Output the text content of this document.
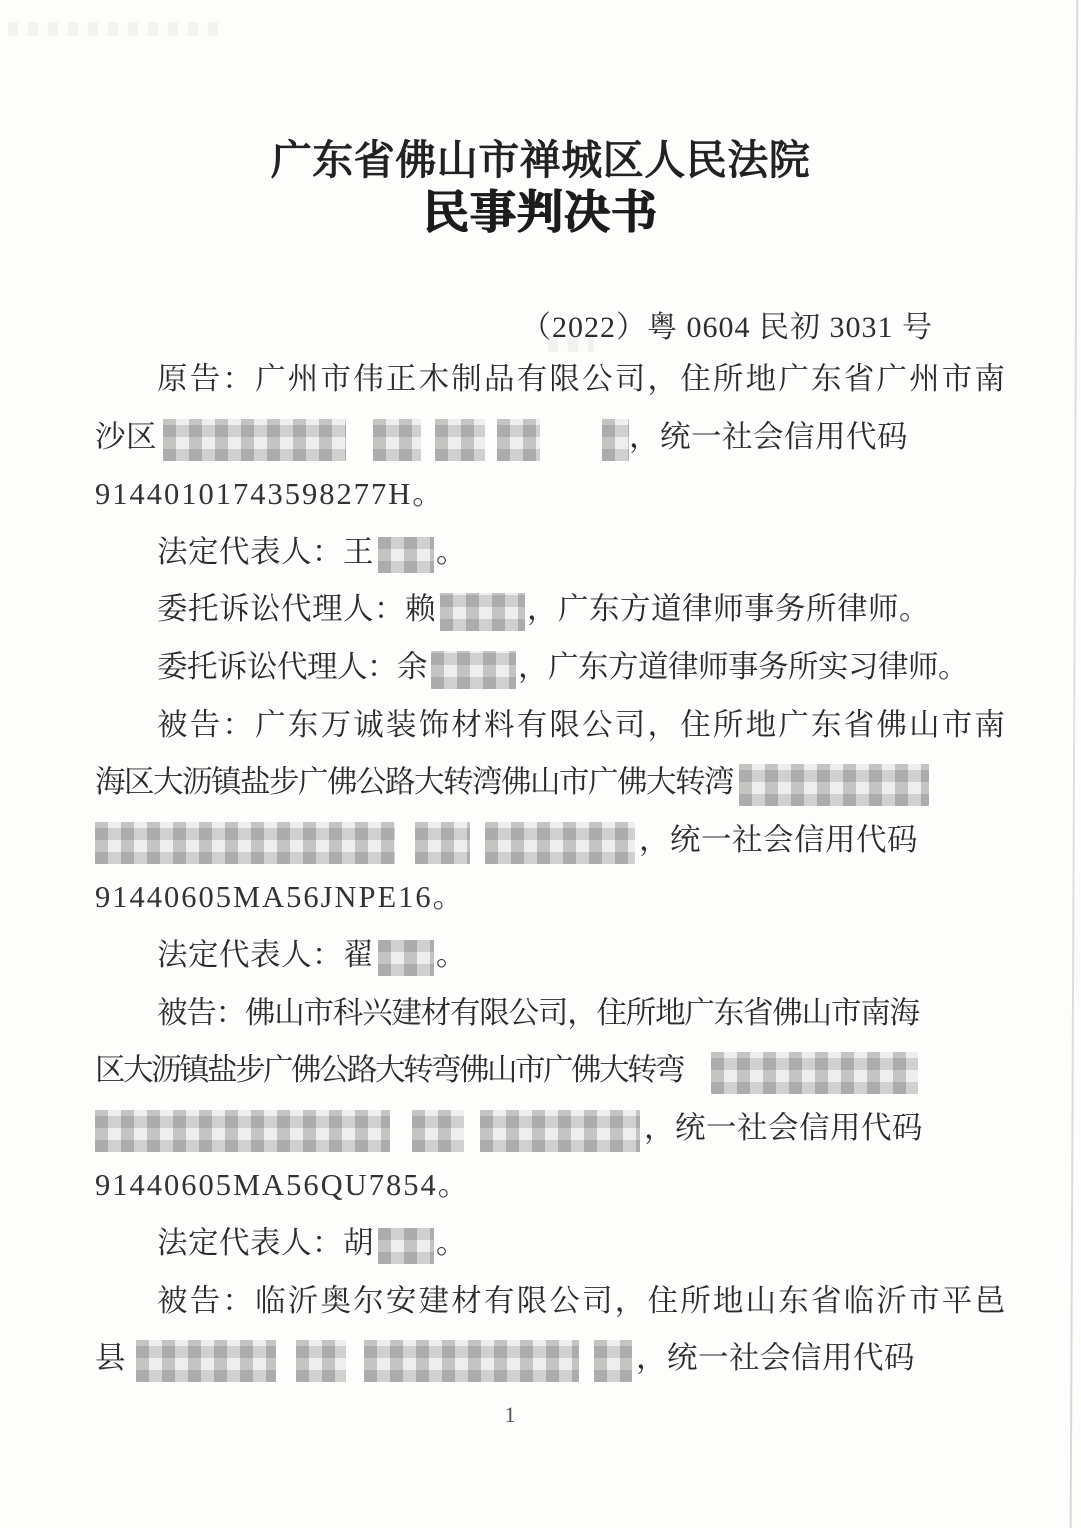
广东省佛山市禅城区人民法院
民事判决书
（2022）粤 0604 民初 3031 号
原告：广州市伟正木制品有限公司，住所地广东省广州市南
沙区	，统一社会信用代码
91440101743598277H。
法定代表人：王 。
委托诉讼代理人：赖	，广东方道律师事务所律师。
委托诉讼代理人：余	，广东方道律师事务所实习律师。
被告：广东万诚装饰材料有限公司，住所地广东省佛山市南
海区大沥镇盐步广佛公路大转湾佛山市广佛大转湾
，统一社会信用代码
91440605MA56JNPE16。
法定代表人：翟 。
被告：佛山市科兴建材有限公司，住所地广东省佛山市南海
区大沥镇盐步广佛公路大转弯佛山市广佛大转弯
，统一社会信用代码
91440605MA56QU7854。
法定代表人：胡 。
被告：临沂奥尔安建材有限公司，住所地山东省临沂市平邑
县	，统一社会信用代码
1
